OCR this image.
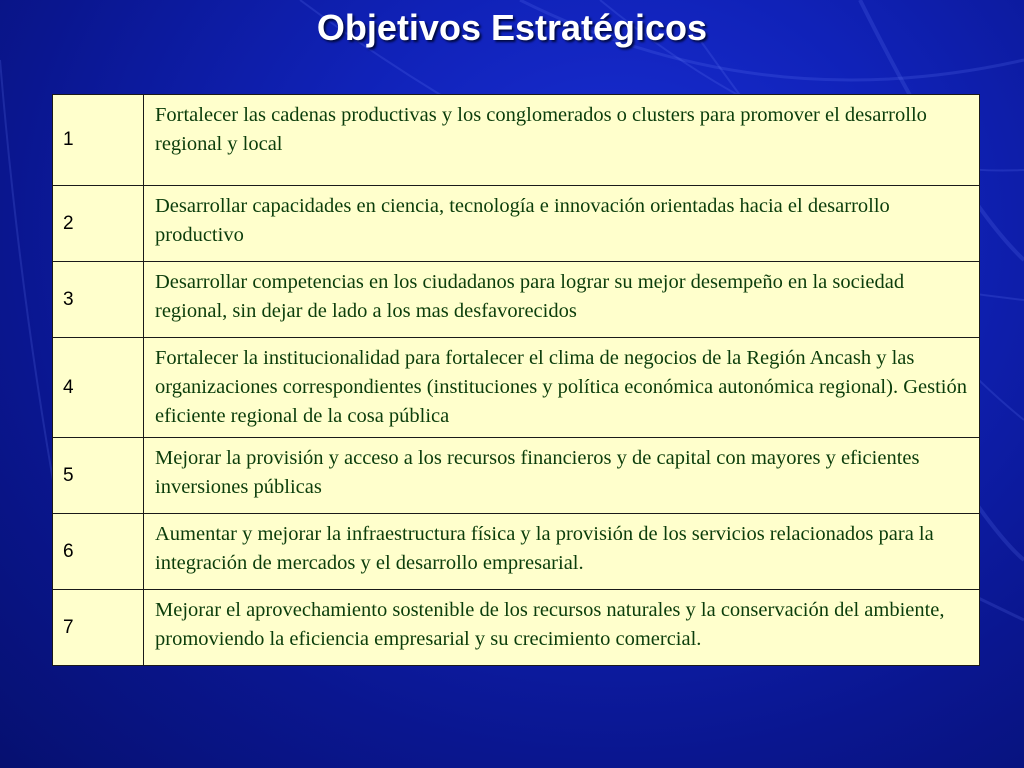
Objetivos Estratégicos
1	Fortalecer las cadenas productivas y los conglomerados o clusters para promover el desarrollo regional y local
2	Desarrollar capacidades en ciencia, tecnología e innovación orientadas hacia el desarrollo productivo
3	Desarrollar competencias en los ciudadanos para lograr su mejor desempeño en la sociedad regional, sin dejar de lado a los mas desfavorecidos
4	Fortalecer la institucionalidad para fortalecer el clima de negocios de la Región Ancash y las organizaciones correspondientes (instituciones y política económica autonómica regional). Gestión eficiente regional de la cosa pública
5	Mejorar la provisión y acceso a los recursos financieros y de capital con mayores y eficientes inversiones públicas
6	Aumentar y mejorar la infraestructura física y la provisión de los servicios relacionados para la integración de mercados y el desarrollo empresarial.
7	Mejorar el aprovechamiento sostenible de los recursos naturales y la conservación del ambiente, promoviendo la eficiencia empresarial y su crecimiento comercial.
